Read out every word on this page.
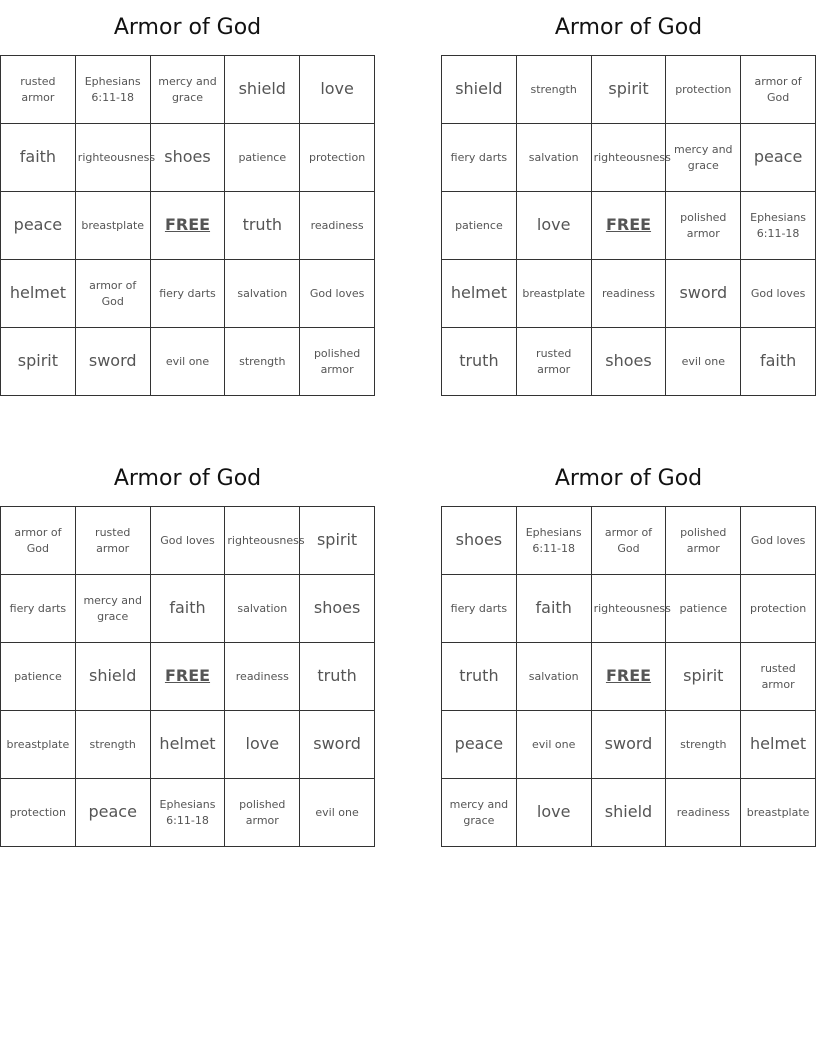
Armor of God
rusted armor	Ephesians 6:11-18	mercy and grace	shield	love
faith	righteousness	shoes	patience	protection
peace	breastplate	FREE	truth	readiness
helmet	armor of God	fiery darts	salvation	God loves
spirit	sword	evil one	strength	polished armor
Armor of God
shield	strength	spirit	protection	armor of God
fiery darts	salvation	righteousness	mercy and grace	peace
patience	love	FREE	polished armor	Ephesians 6:11-18
helmet	breastplate	readiness	sword	God loves
truth	rusted armor	shoes	evil one	faith
Armor of God
armor of God	rusted armor	God loves	righteousness	spirit
fiery darts	mercy and grace	faith	salvation	shoes
patience	shield	FREE	readiness	truth
breastplate	strength	helmet	love	sword
protection	peace	Ephesians 6:11-18	polished armor	evil one
Armor of God
shoes	Ephesians 6:11-18	armor of God	polished armor	God loves
fiery darts	faith	righteousness	patience	protection
truth	salvation	FREE	spirit	rusted armor
peace	evil one	sword	strength	helmet
mercy and grace	love	shield	readiness	breastplate
